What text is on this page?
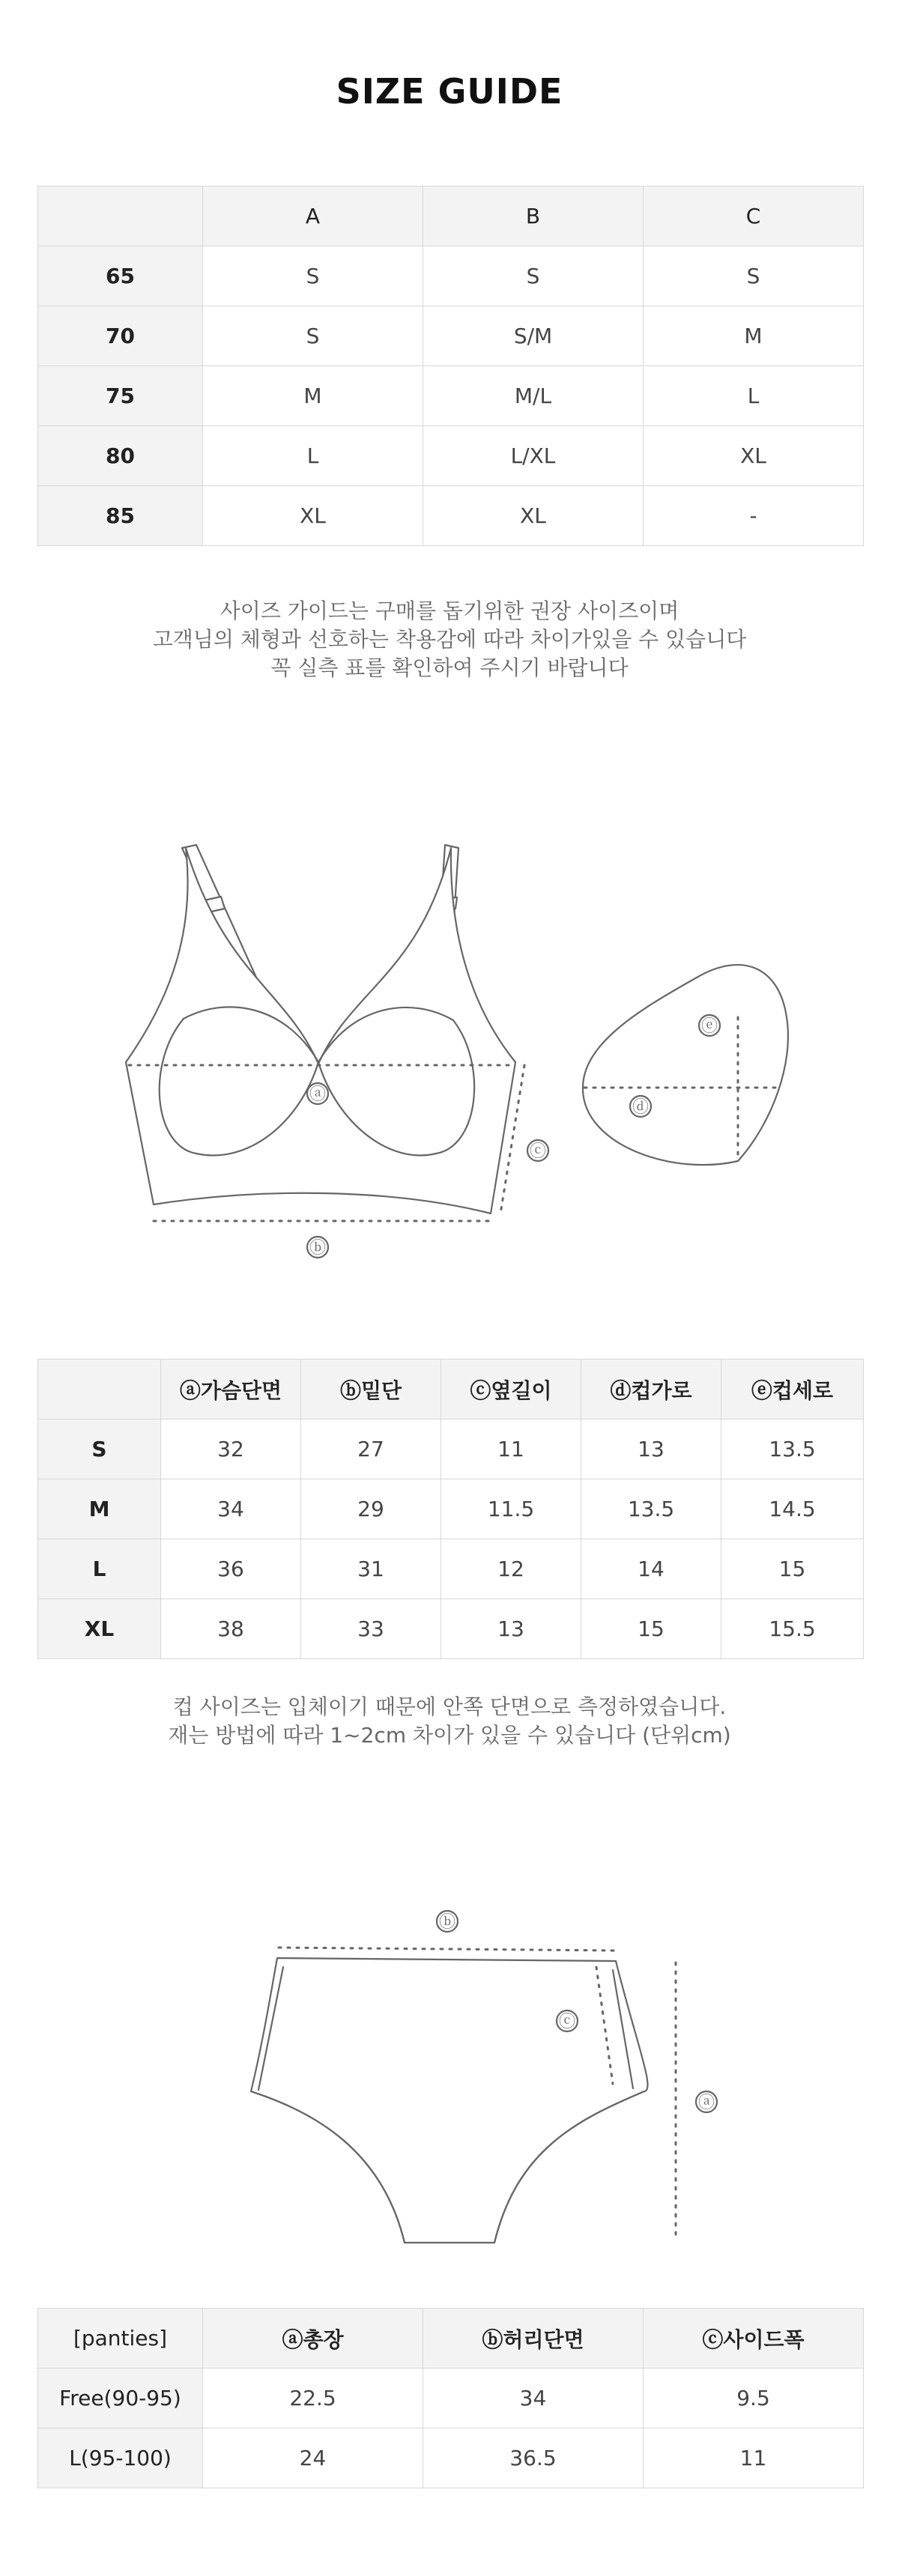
SIZE GUIDE
	A	B	C
65	S	S	S
70	S	S/M	M
75	M	M/L	L
80	L	L/XL	XL
85	XL	XL	-
사이즈 가이드는 구매를 돕기위한 권장 사이즈이며
고객님의 체형과 선호하는 착용감에 따라 차이가있을 수 있습니다
꼭 실측 표를 확인하여 주시기 바랍니다
ⓐ
ⓑ
ⓒ
ⓓ
ⓔ
	ⓐ가슴단면	ⓑ밑단	ⓒ옆길이	ⓓ컵가로	ⓔ컵세로
S	32	27	11	13	13.5
M	34	29	11.5	13.5	14.5
L	36	31	12	14	15
XL	38	33	13	15	15.5
컵 사이즈는 입체이기 때문에 안쪽 단면으로 측정하였습니다.
재는 방법에 따라 1~2cm 차이가 있을 수 있습니다 (단위cm)
ⓐ
ⓑ
ⓒ
[panties]	ⓐ총장	ⓑ허리단면	ⓒ사이드폭
Free(90-95)	22.5	34	9.5
L(95-100)	24	36.5	11
